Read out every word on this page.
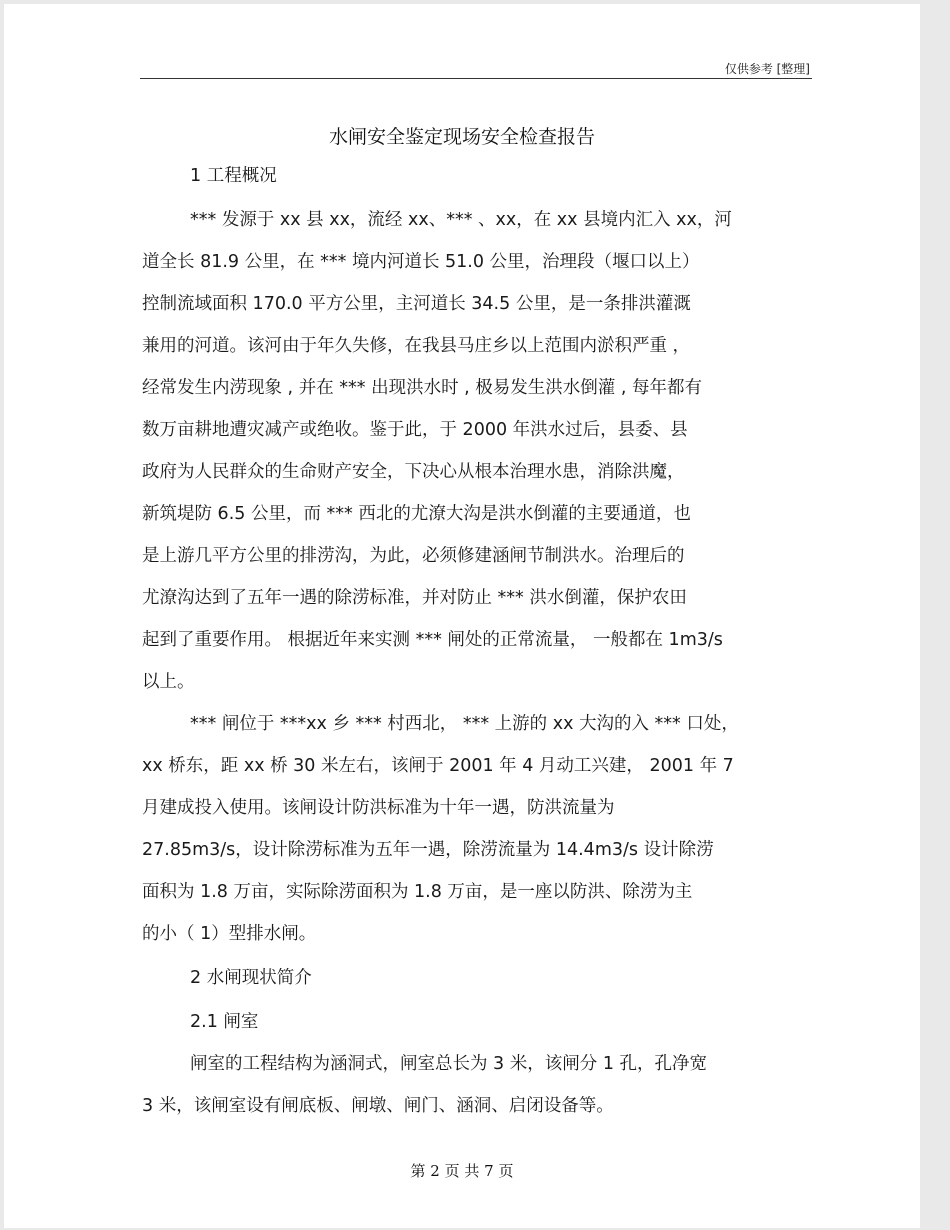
仅供参考 [整理]
水闸安全鉴定现场安全检查报告
1 工程概况
*** 发源于 xx 县 xx，流经 xx、*** 、xx，在 xx 县境内汇入 xx，河
道全长 81.9 公里，在 *** 境内河道长 51.0 公里，治理段（堰口以上）
控制流域面积 170.0 平方公里，主河道长 34.5 公里，是一条排洪灌溉
兼用的河道。该河由于年久失修，在我县马庄乡以上范围内淤积严重 ，
经常发生内涝现象 , 并在 *** 出现洪水时 , 极易发生洪水倒灌 , 每年都有
数万亩耕地遭灾减产或绝收。鉴于此，于 2000 年洪水过后，县委、县
政府为人民群众的生命财产安全，下决心从根本治理水患，消除洪魔，
新筑堤防 6.5 公里，而 *** 西北的尤潦大沟是洪水倒灌的主要通道，也
是上游几平方公里的排涝沟，为此，必须修建涵闸节制洪水。治理后的
尤潦沟达到了五年一遇的除涝标准，并对防止 *** 洪水倒灌，保护农田
起到了重要作用。 根据近年来实测 *** 闸处的正常流量， 一般都在 1m3/s
以上。
*** 闸位于 ***xx 乡 *** 村西北， *** 上游的 xx 大沟的入 *** 口处，
xx 桥东，距 xx 桥 30 米左右，该闸于 2001 年 4 月动工兴建， 2001 年 7
月建成投入使用。该闸设计防洪标准为十年一遇，防洪流量为
27.85m3/s，设计除涝标准为五年一遇，除涝流量为 14.4m3/s 设计除涝
面积为 1.8 万亩，实际除涝面积为 1.8 万亩，是一座以防洪、除涝为主
的小（ 1）型排水闸。
2 水闸现状简介
2.1 闸室
闸室的工程结构为涵洞式，闸室总长为 3 米，该闸分 1 孔，孔净宽
3 米，该闸室设有闸底板、闸墩、闸门、涵洞、启闭设备等。
第 2 页 共 7 页
